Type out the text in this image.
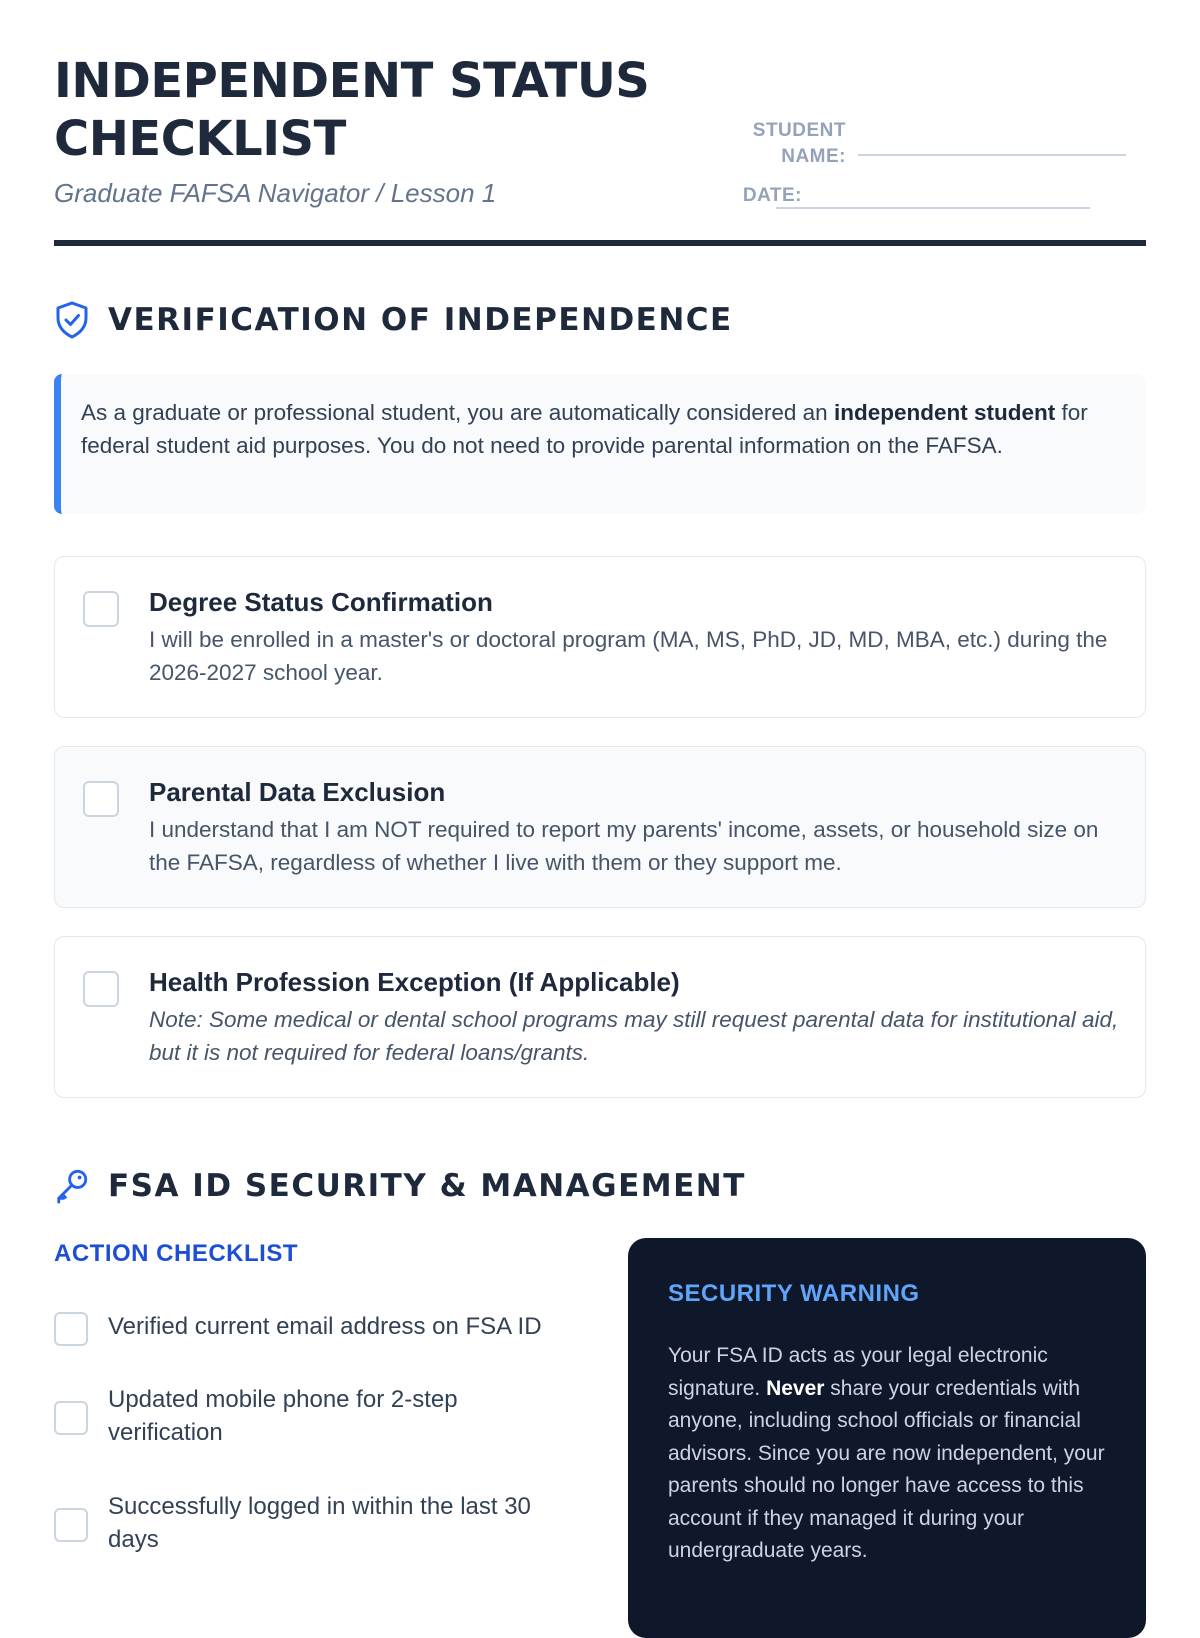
INDEPENDENT STATUS CHECKLIST
Graduate FAFSA Navigator / Lesson 1
STUDENT NAME:
DATE:
VERIFICATION OF INDEPENDENCE
As a graduate or professional student, you are automatically considered an independent student for federal student aid purposes. You do not need to provide parental information on the FAFSA.
Degree Status Confirmation
I will be enrolled in a master's or doctoral program (MA, MS, PhD, JD, MD, MBA, etc.) during the 2026-2027 school year.
Parental Data Exclusion
I understand that I am NOT required to report my parents' income, assets, or household size on the FAFSA, regardless of whether I live with them or they support me.
Health Profession Exception (If Applicable)
Note: Some medical or dental school programs may still request parental data for institutional aid, but it is not required for federal loans/grants.
FSA ID SECURITY & MANAGEMENT
ACTION CHECKLIST
Verified current email address on FSA ID
Updated mobile phone for 2-step verification
Successfully logged in within the last 30 days
SECURITY WARNING
Your FSA ID acts as your legal electronic signature. Never share your credentials with anyone, including school officials or financial advisors. Since you are now independent, your parents should no longer have access to this account if they managed it during your undergraduate years.
